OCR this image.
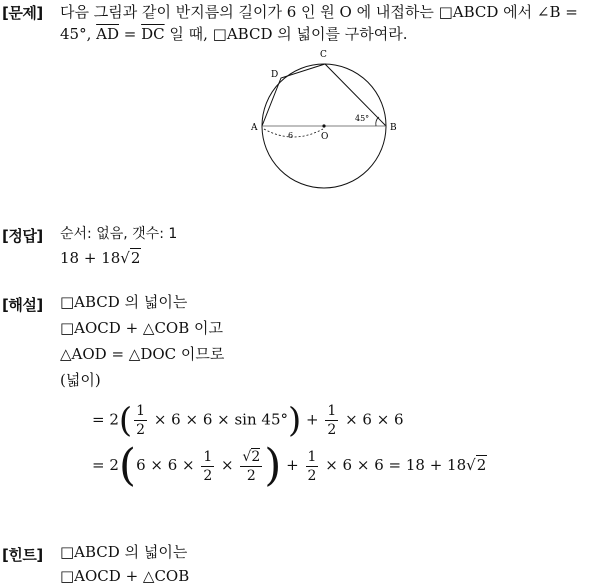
[문제] 다음 그림과 같이 반지름의 길이가 6 인 원 O 에 내접하는 □ABCD 에서 ∠B =
45°, $\overline{AD} = \overline{DC}$ 일 때, □ABCD 의 넓이를 구하여라.
A	B
C
D
O
6
45°
[정답] 순서: 없음, 갯수: 1
18 + 18√2
[해설] □ABCD 의 넓이는
□AOCD + △COB 이고
△AOD = △DOC 이므로
(넓이)
= $2( \frac{1}{2} \times 6 \times 6 \times \sin 45^\circ) + \frac{1}{2} \times 6 \times 6$
= $2(6 \times 6 \times \frac{1}{2} \times \frac{√2}{2}$ ) + $\frac{1}{2} \times 6 \times 6 = 18 + 18√2$
[힌트] □ABCD 의 넓이는
□AOCD + △COB
